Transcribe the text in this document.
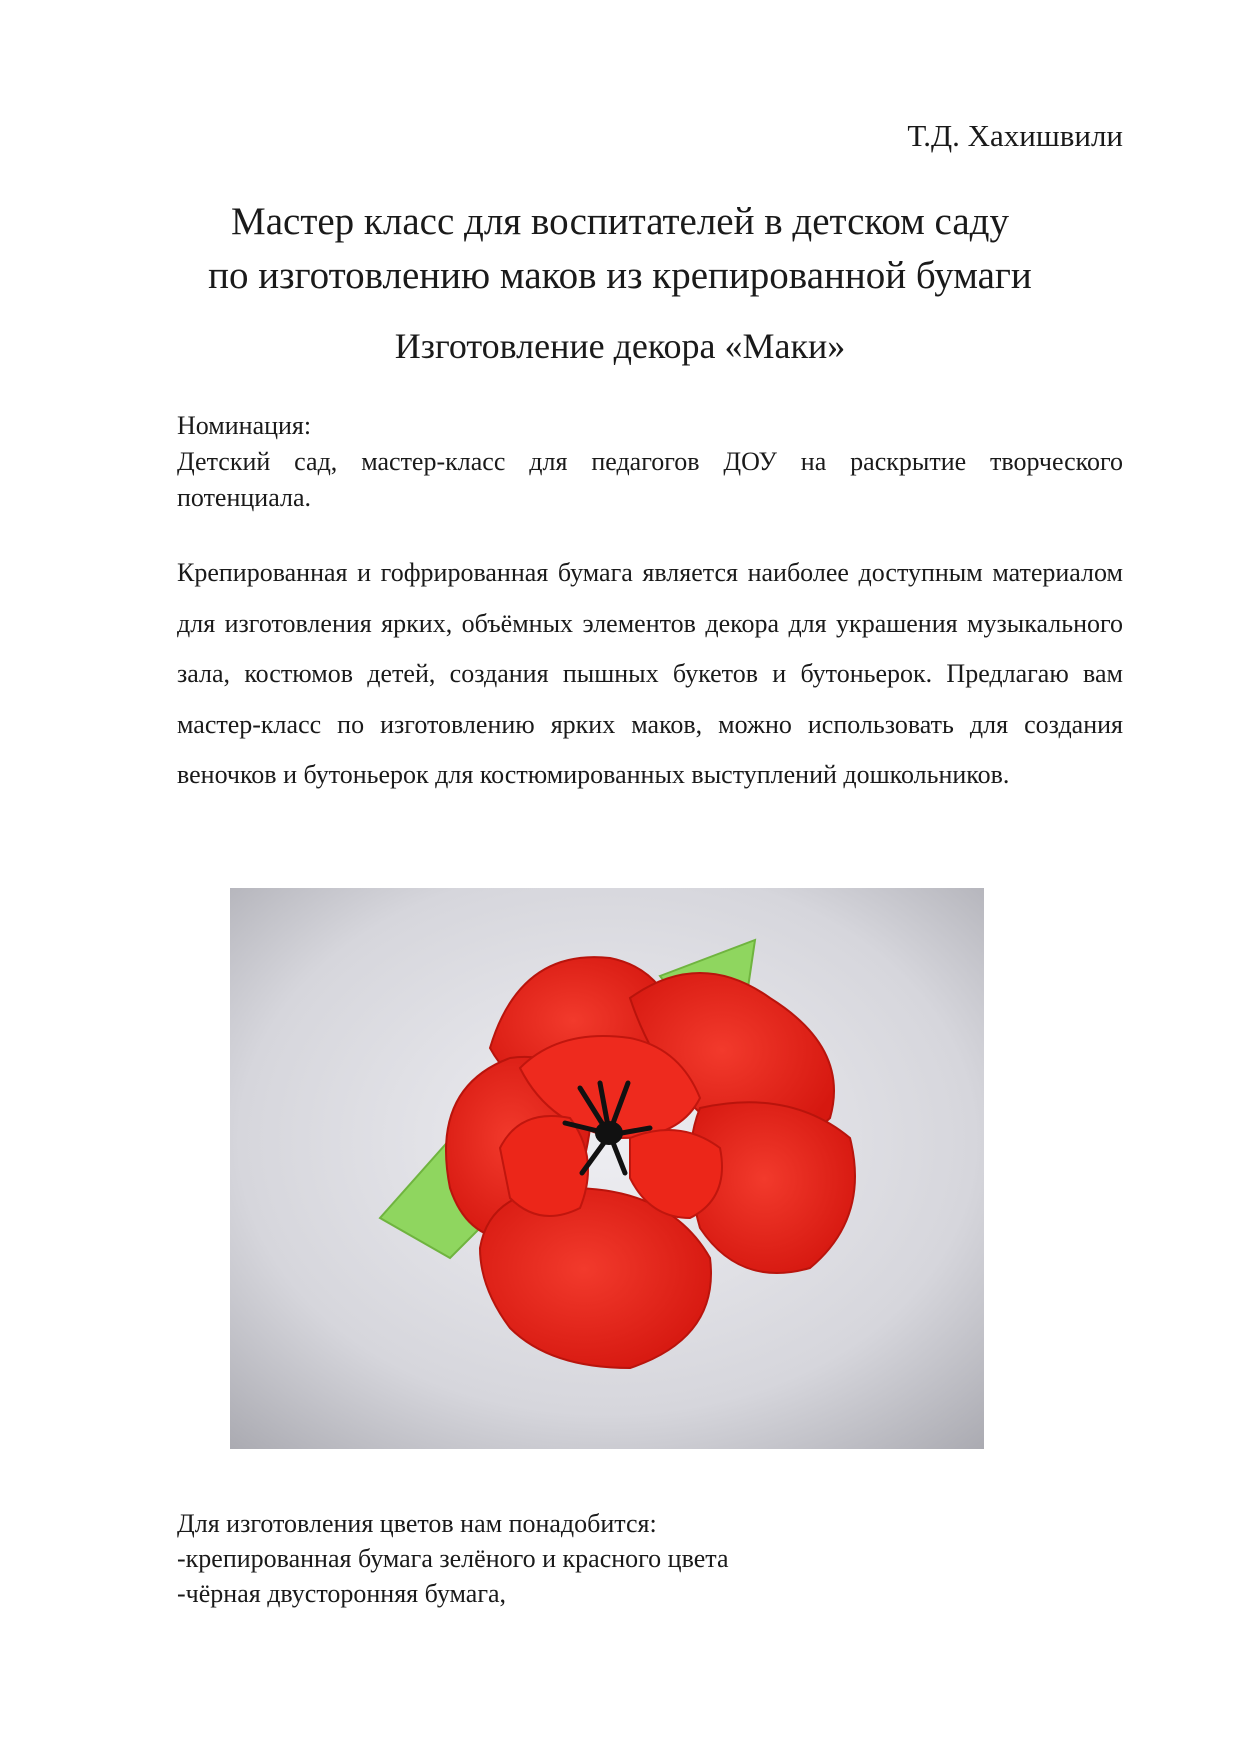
Т.Д. Хахишвили
Мастер класс для воспитателей в детском саду
по изготовлению маков из крепированной бумаги
Изготовление декора «Маки»

Номинация:

Детский сад, мастер-класс для педагогов ДОУ на раскрытие творческого потенциала.

Крепированная и гофрированная бумага является наиболее доступным материалом для изготовления ярких, объёмных элементов декора для украшения музыкального зала, костюмов детей, создания пышных букетов и бутоньерок. Предлагаю вам мастер-класс по изготовлению ярких маков, можно использовать для создания веночков и бутоньерок для костюмированных выступлений дошкольников.

Для изготовления цветов нам понадобится:
-крепированная бумага зелёного и красного цвета
-чёрная двусторонняя бумага,
